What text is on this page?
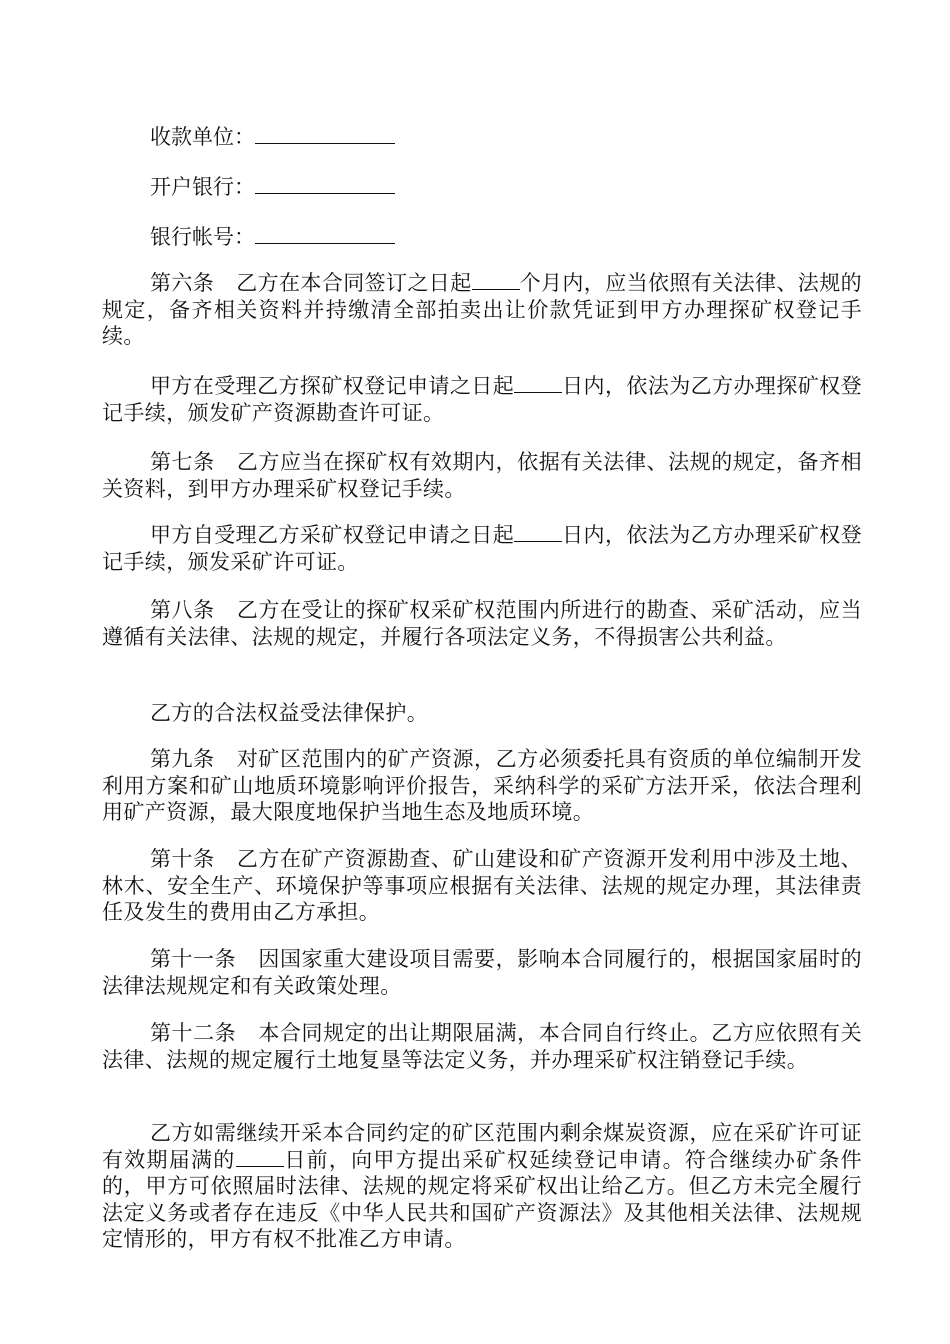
收款单位：
开户银行：
银行帐号：

第六条 乙方在本合同签订之日起 个月内，应当依照有关法律、法规的规定，备齐相关资料并持缴清全部拍卖出让价款凭证到甲方办理探矿权登记手续。

甲方在受理乙方探矿权登记申请之日起 日内，依法为乙方办理探矿权登记手续，颁发矿产资源勘查许可证。

第七条 乙方应当在探矿权有效期内，依据有关法律、法规的规定，备齐相关资料，到甲方办理采矿权登记手续。

甲方自受理乙方采矿权登记申请之日起 日内，依法为乙方办理采矿权登记手续，颁发采矿许可证。

第八条 乙方在受让的探矿权采矿权范围内所进行的勘查、采矿活动，应当遵循有关法律、法规的规定，并履行各项法定义务，不得损害公共利益。

乙方的合法权益受法律保护。

第九条 对矿区范围内的矿产资源，乙方必须委托具有资质的单位编制开发利用方案和矿山地质环境影响评价报告，采纳科学的采矿方法开采，依法合理利用矿产资源，最大限度地保护当地生态及地质环境。

第十条 乙方在矿产资源勘查、矿山建设和矿产资源开发利用中涉及土地、林木、安全生产、环境保护等事项应根据有关法律、法规的规定办理，其法律责任及发生的费用由乙方承担。

第十一条 因国家重大建设项目需要，影响本合同履行的，根据国家届时的法律法规规定和有关政策处理。

第十二条 本合同规定的出让期限届满，本合同自行终止。乙方应依照有关法律、法规的规定履行土地复垦等法定义务，并办理采矿权注销登记手续。

乙方如需继续开采本合同约定的矿区范围内剩余煤炭资源，应在采矿许可证有效期届满的 日前，向甲方提出采矿权延续登记申请。符合继续办矿条件的，甲方可依照届时法律、法规的规定将采矿权出让给乙方。但乙方未完全履行法定义务或者存在违反《中华人民共和国矿产资源法》及其他相关法律、法规规定情形的，甲方有权不批准乙方申请。
